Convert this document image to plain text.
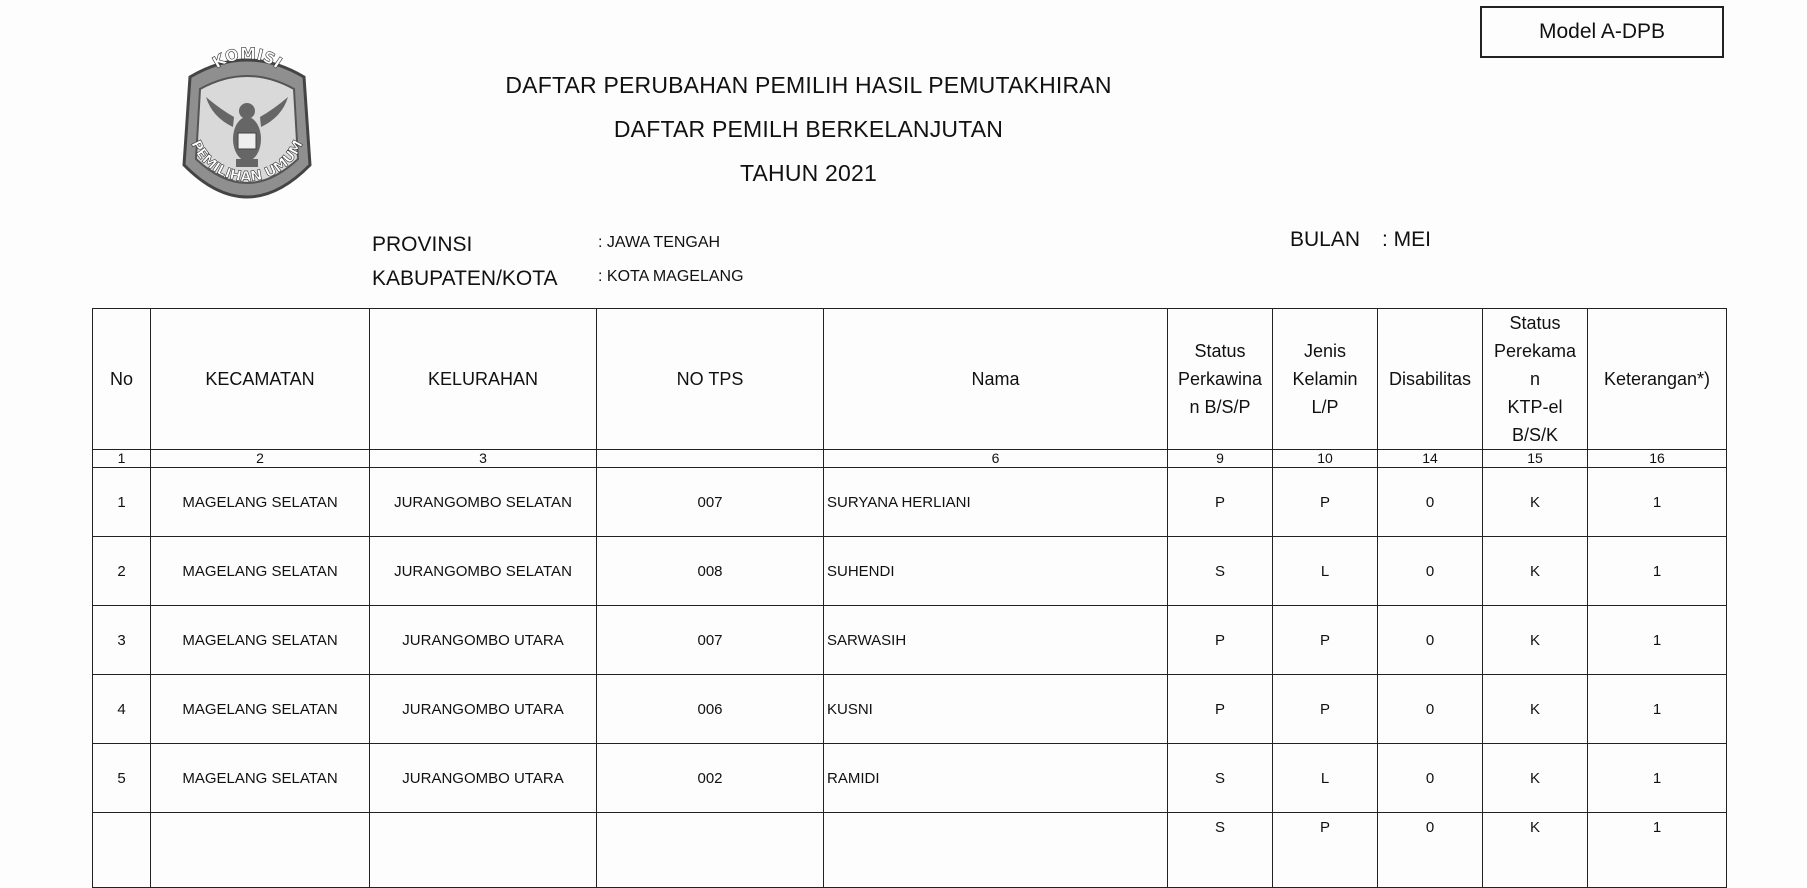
Model A-DPB
KOMISI
PEMILIHAN UMUM
DAFTAR PERUBAHAN PEMILIH HASIL PEMUTAKHIRAN
DAFTAR PEMILH BERKELANJUTAN
TAHUN 2021
PROVINSI	: JAWA TENGAH
KABUPATEN/KOTA	: KOTA MAGELANG
BULAN : MEI
No	KECAMATAN	KELURAHAN	NO TPS	Nama	Status
Perkawina
n B/S/P	Jenis
Kelamin
L/P	Disabilitas	Status
Perekama
n
KTP-el
B/S/K	Keterangan*)
1	2	3		6	9	10	14	15	16
1	MAGELANG SELATAN	JURANGOMBO SELATAN	007	SURYANA HERLIANI	P	P	0	K	1
2	MAGELANG SELATAN	JURANGOMBO SELATAN	008	SUHENDI	S	L	0	K	1
3	MAGELANG SELATAN	JURANGOMBO UTARA	007	SARWASIH	P	P	0	K	1
4	MAGELANG SELATAN	JURANGOMBO UTARA	006	KUSNI	P	P	0	K	1
5	MAGELANG SELATAN	JURANGOMBO UTARA	002	RAMIDI	S	L	0	K	1
					S	P	0	K	1
